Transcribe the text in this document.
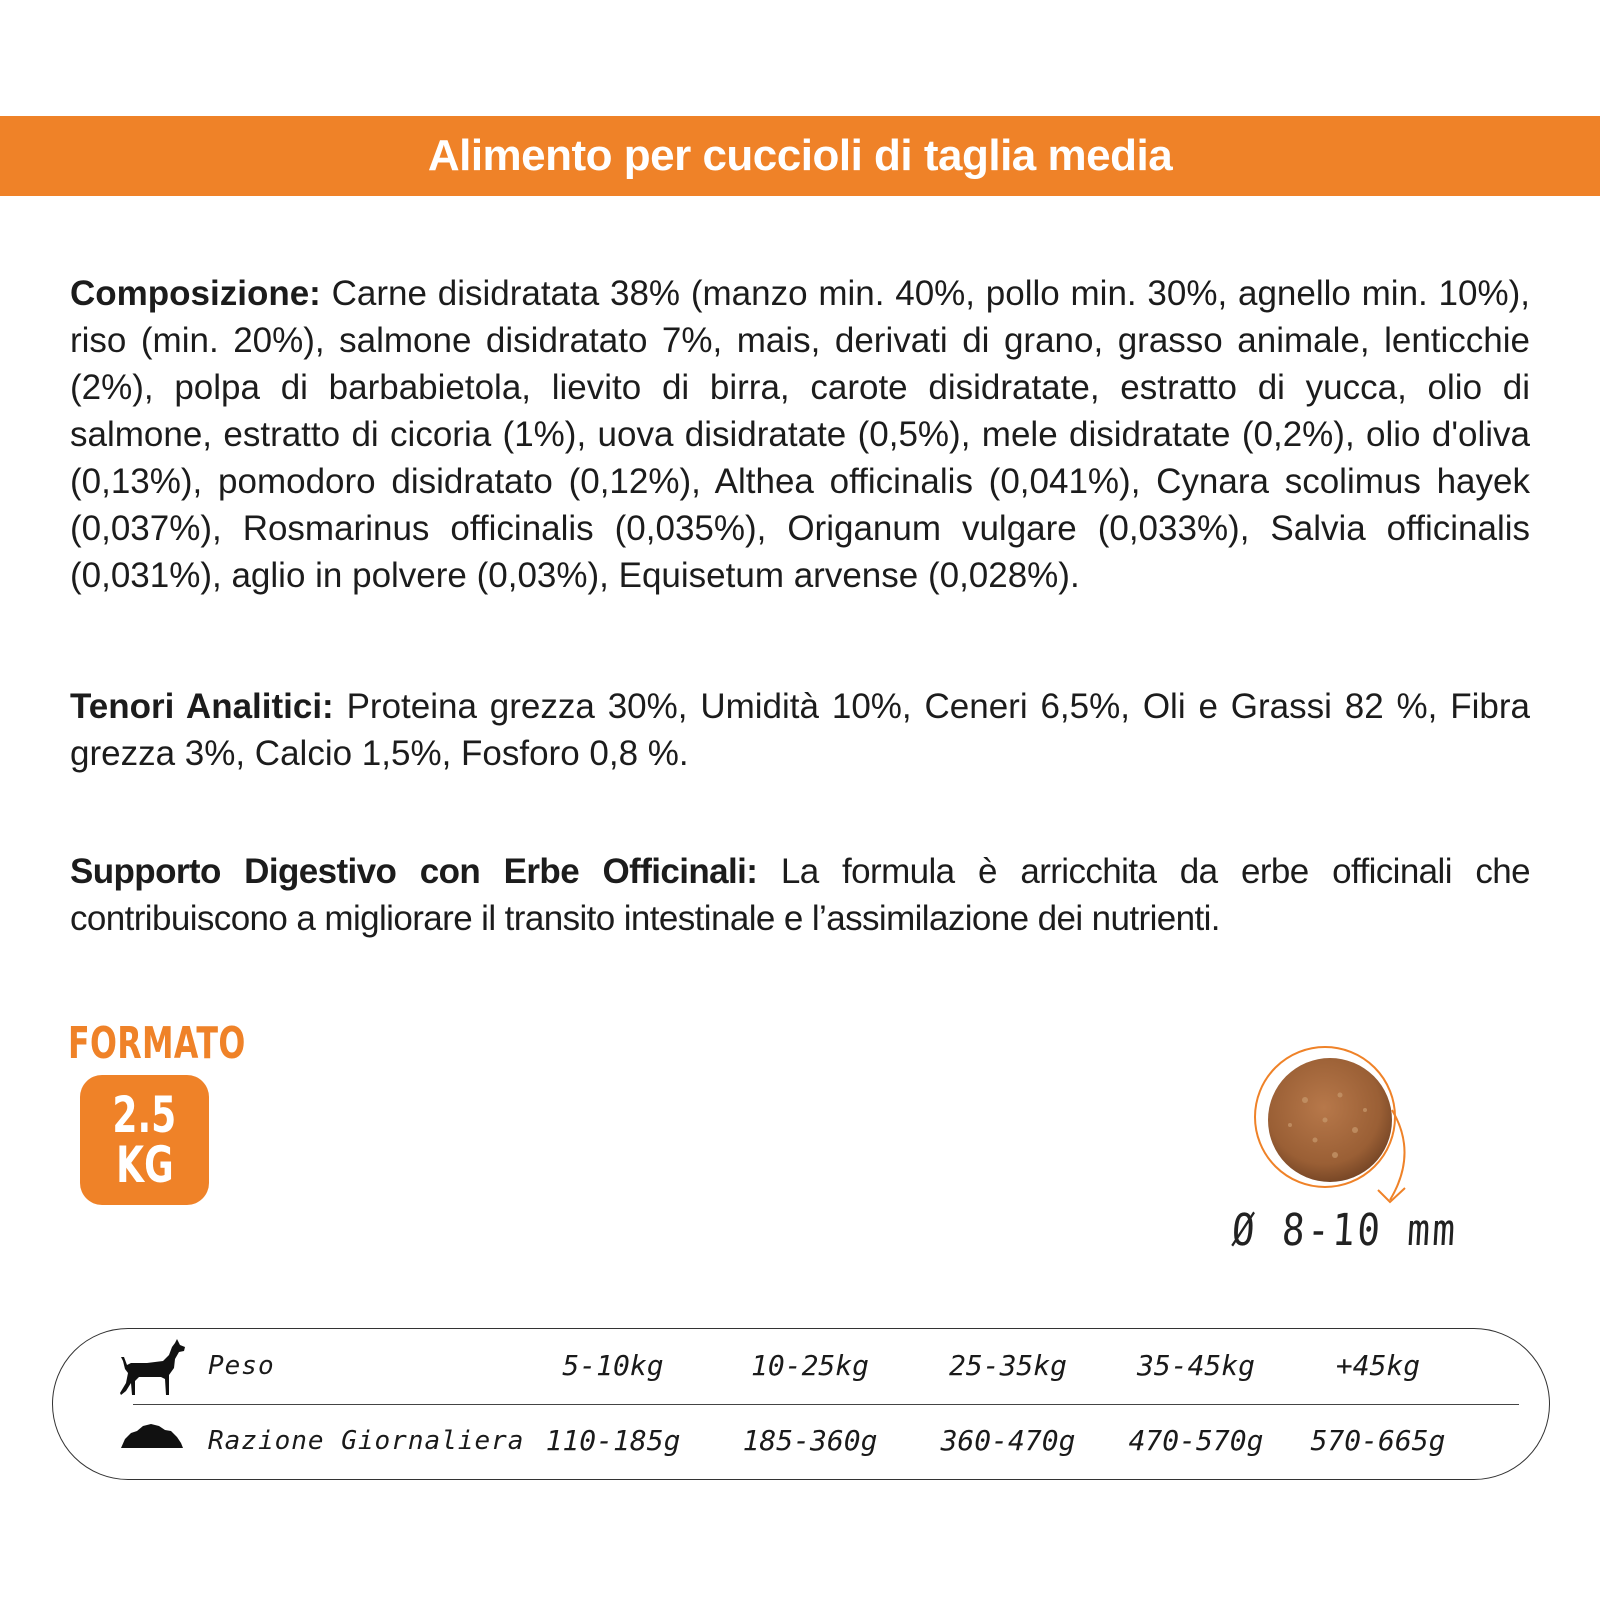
Alimento per cuccioli di taglia media

Composizione: Carne disidratata 38% (manzo min. 40%, pollo min. 30%, agnello min. 10%), riso (min. 20%), salmone disidratato 7%, mais, derivati di grano, grasso animale, lenticchie (2%), polpa di barbabietola, lievito di birra, carote disidratate, estratto di yucca, olio di salmone, estratto di cicoria (1%), uova disidratate (0,5%), mele disidratate (0,2%), olio d'oliva (0,13%), pomodoro disidratato (0,12%), Althea officinalis (0,041%), Cynara scolimus hayek (0,037%), Rosmarinus officinalis (0,035%), Origanum vulgare (0,033%), Salvia officinalis (0,031%), aglio in polvere (0,03%), Equisetum arvense (0,028%).

Tenori Analitici: Proteina grezza 30%, Umidità 10%, Ceneri 6,5%, Oli e Grassi 82 %, Fibra grezza 3%, Calcio 1,5%, Fosforo 0,8 %.

Supporto Digestivo con Erbe Officinali: La formula è arricchita da erbe officinali che contribuiscono a migliorare il transito intestinale e l’assimilazione dei nutrienti.

FORMATO
2.5
KG
Ø 8-10 mm
Peso	5-10kg	10-25kg	25-35kg 35-45kg	+45kg
Razione Giornaliera 110-185g 185-360g 360-470g 470-570g 570-665g
